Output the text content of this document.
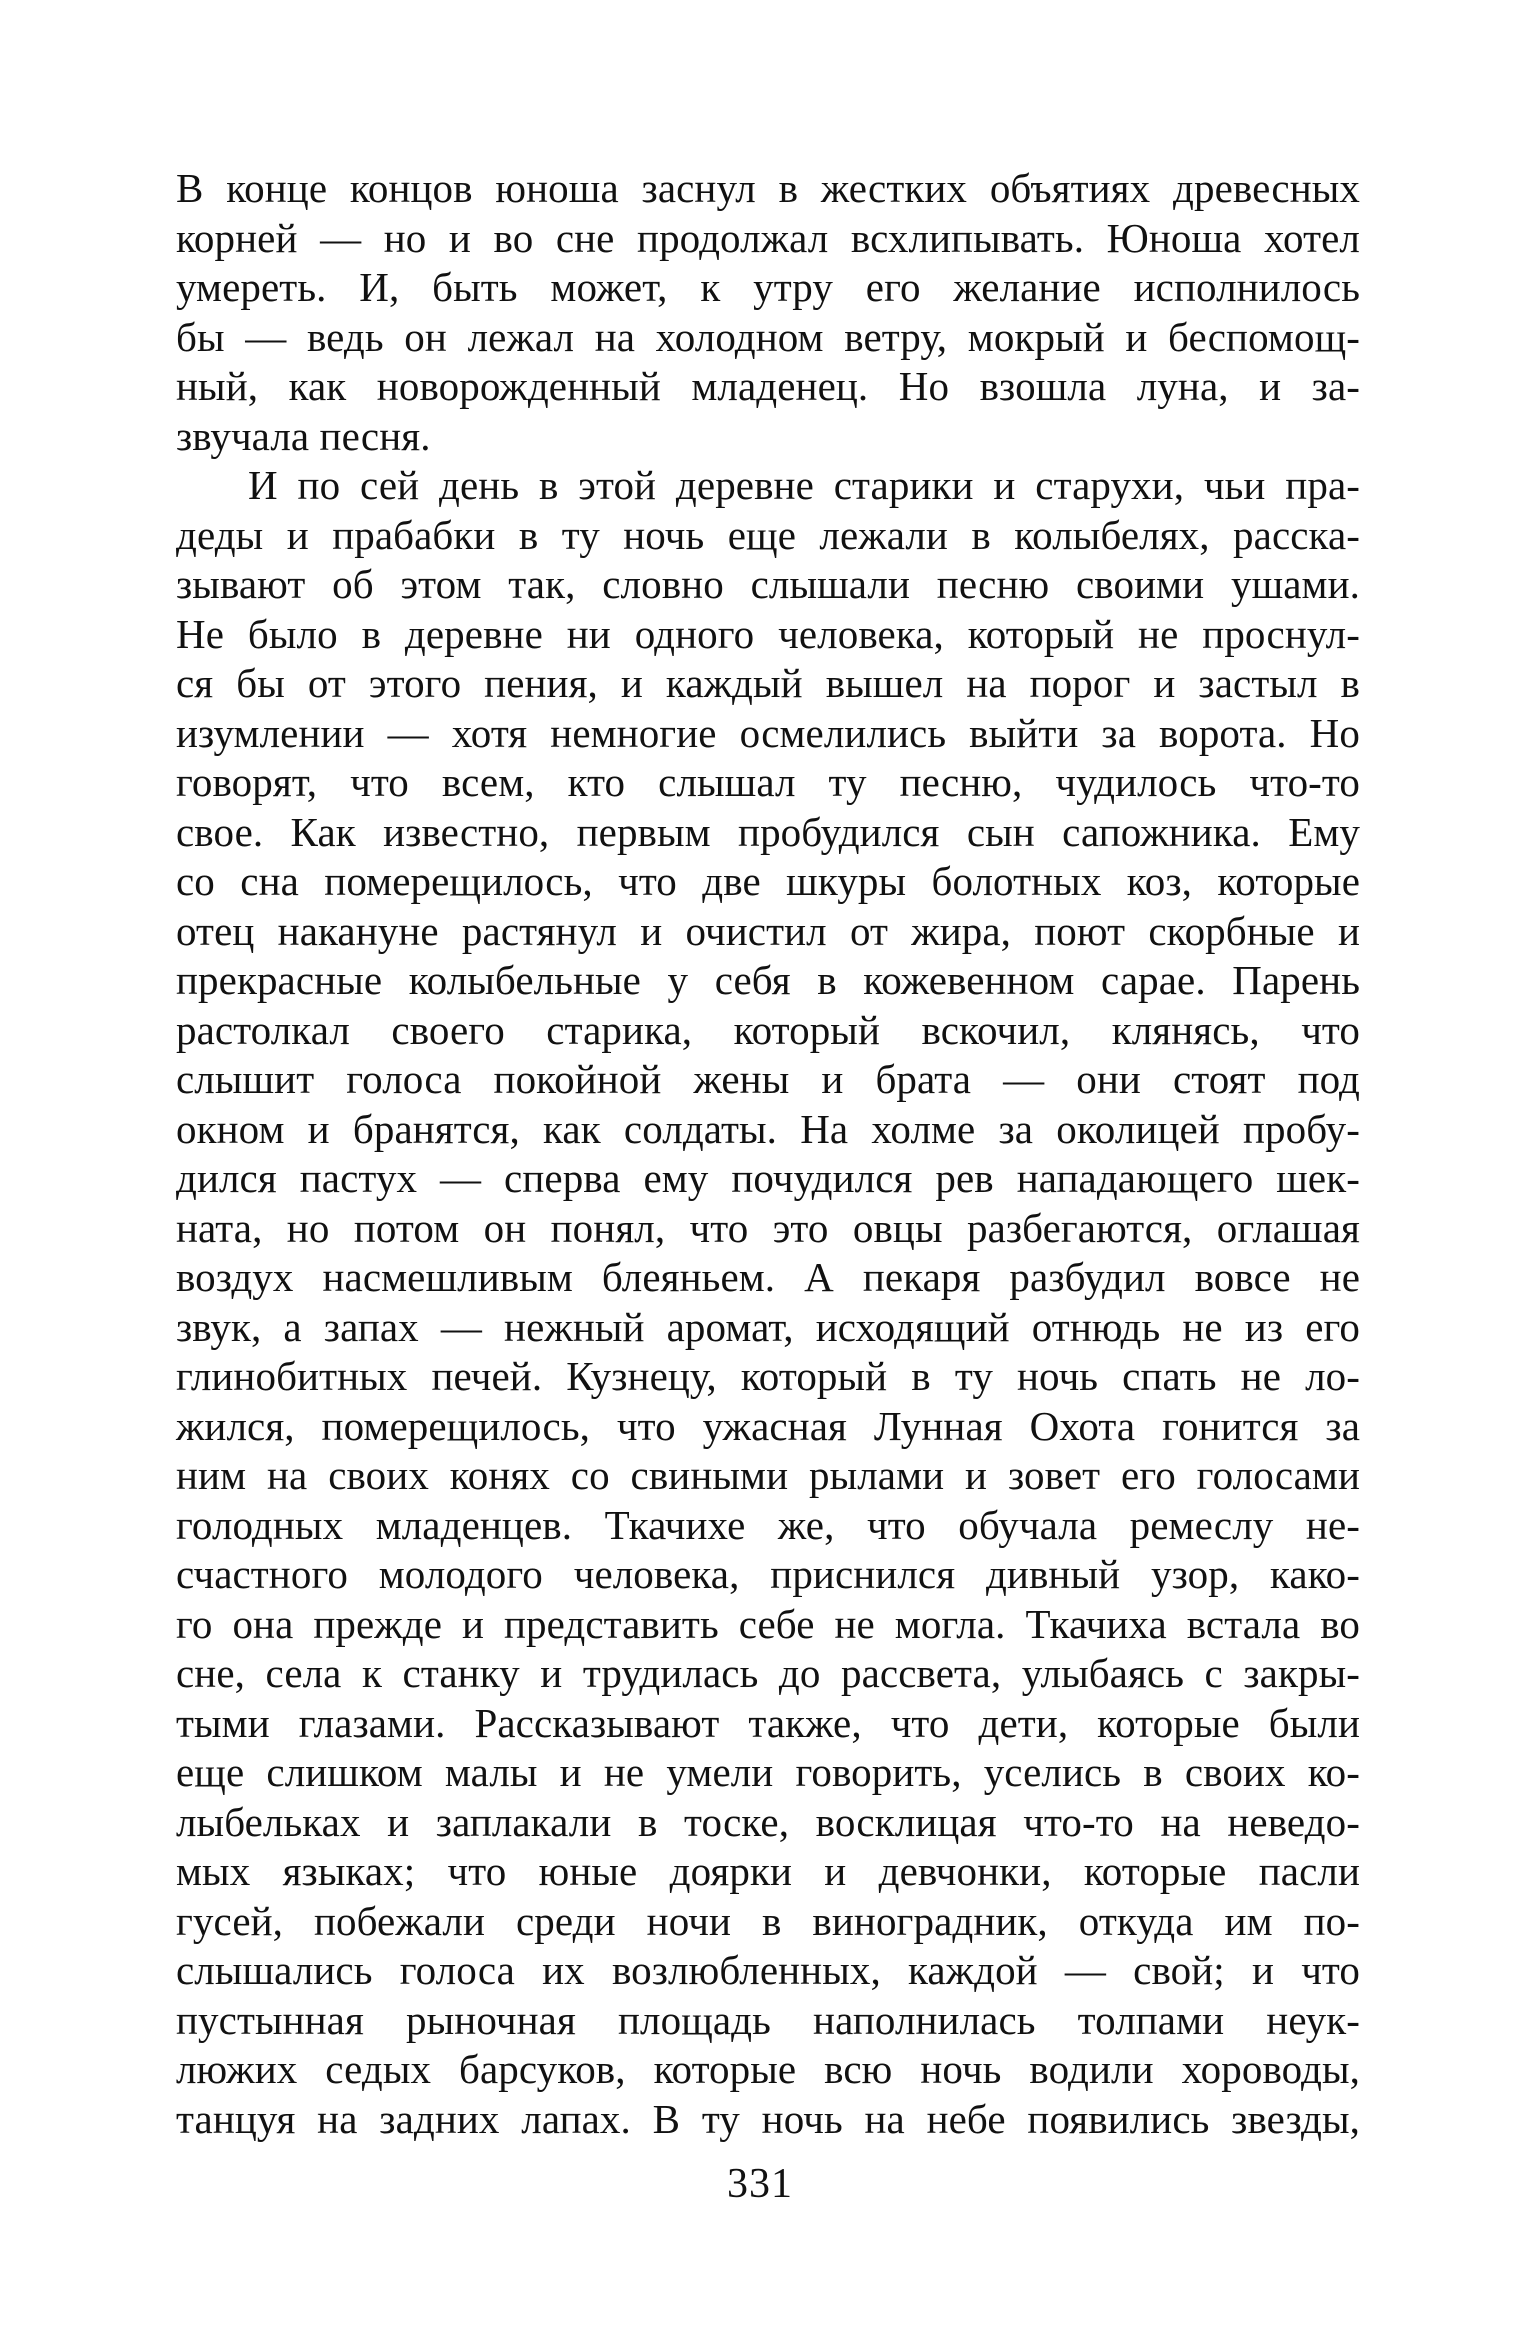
В конце концов юноша заснул в жестких объятиях древесных
корней — но и во сне продолжал всхлипывать. Юноша хотел
умереть. И, быть может, к утру его желание исполнилось
бы — ведь он лежал на холодном ветру, мокрый и беспомощ-
ный, как новорожденный младенец. Но взошла луна, и за-
звучала песня.
И по сей день в этой деревне старики и старухи, чьи пра-
деды и прабабки в ту ночь еще лежали в колыбелях, расска-
зывают об этом так, словно слышали песню своими ушами.
Не было в деревне ни одного человека, который не проснул-
ся бы от этого пения, и каждый вышел на порог и застыл в
изумлении — хотя немногие осмелились выйти за ворота. Но
говорят, что всем, кто слышал ту песню, чудилось что-то
свое. Как известно, первым пробудился сын сапожника. Ему
со сна померещилось, что две шкуры болотных коз, которые
отец накануне растянул и очистил от жира, поют скорбные и
прекрасные колыбельные у себя в кожевенном сарае. Парень
растолкал своего старика, который вскочил, клянясь, что
слышит голоса покойной жены и брата — они стоят под
окном и бранятся, как солдаты. На холме за околицей пробу-
дился пастух — сперва ему почудился рев нападающего шек-
ната, но потом он понял, что это овцы разбегаются, оглашая
воздух насмешливым блеяньем. А пекаря разбудил вовсе не
звук, а запах — нежный аромат, исходящий отнюдь не из его
глинобитных печей. Кузнецу, который в ту ночь спать не ло-
жился, померещилось, что ужасная Лунная Охота гонится за
ним на своих конях со свиными рылами и зовет его голосами
голодных младенцев. Ткачихе же, что обучала ремеслу не-
счастного молодого человека, приснился дивный узор, како-
го она прежде и представить себе не могла. Ткачиха встала во
сне, села к станку и трудилась до рассвета, улыбаясь с закры-
тыми глазами. Рассказывают также, что дети, которые были
еще слишком малы и не умели говорить, уселись в своих ко-
лыбельках и заплакали в тоске, восклицая что-то на неведо-
мых языках; что юные доярки и девчонки, которые пасли
гусей, побежали среди ночи в виноградник, откуда им по-
слышались голоса их возлюбленных, каждой — свой; и что
пустынная рыночная площадь наполнилась толпами неук-
люжих седых барсуков, которые всю ночь водили хороводы,
танцуя на задних лапах. В ту ночь на небе появились звезды,
331
